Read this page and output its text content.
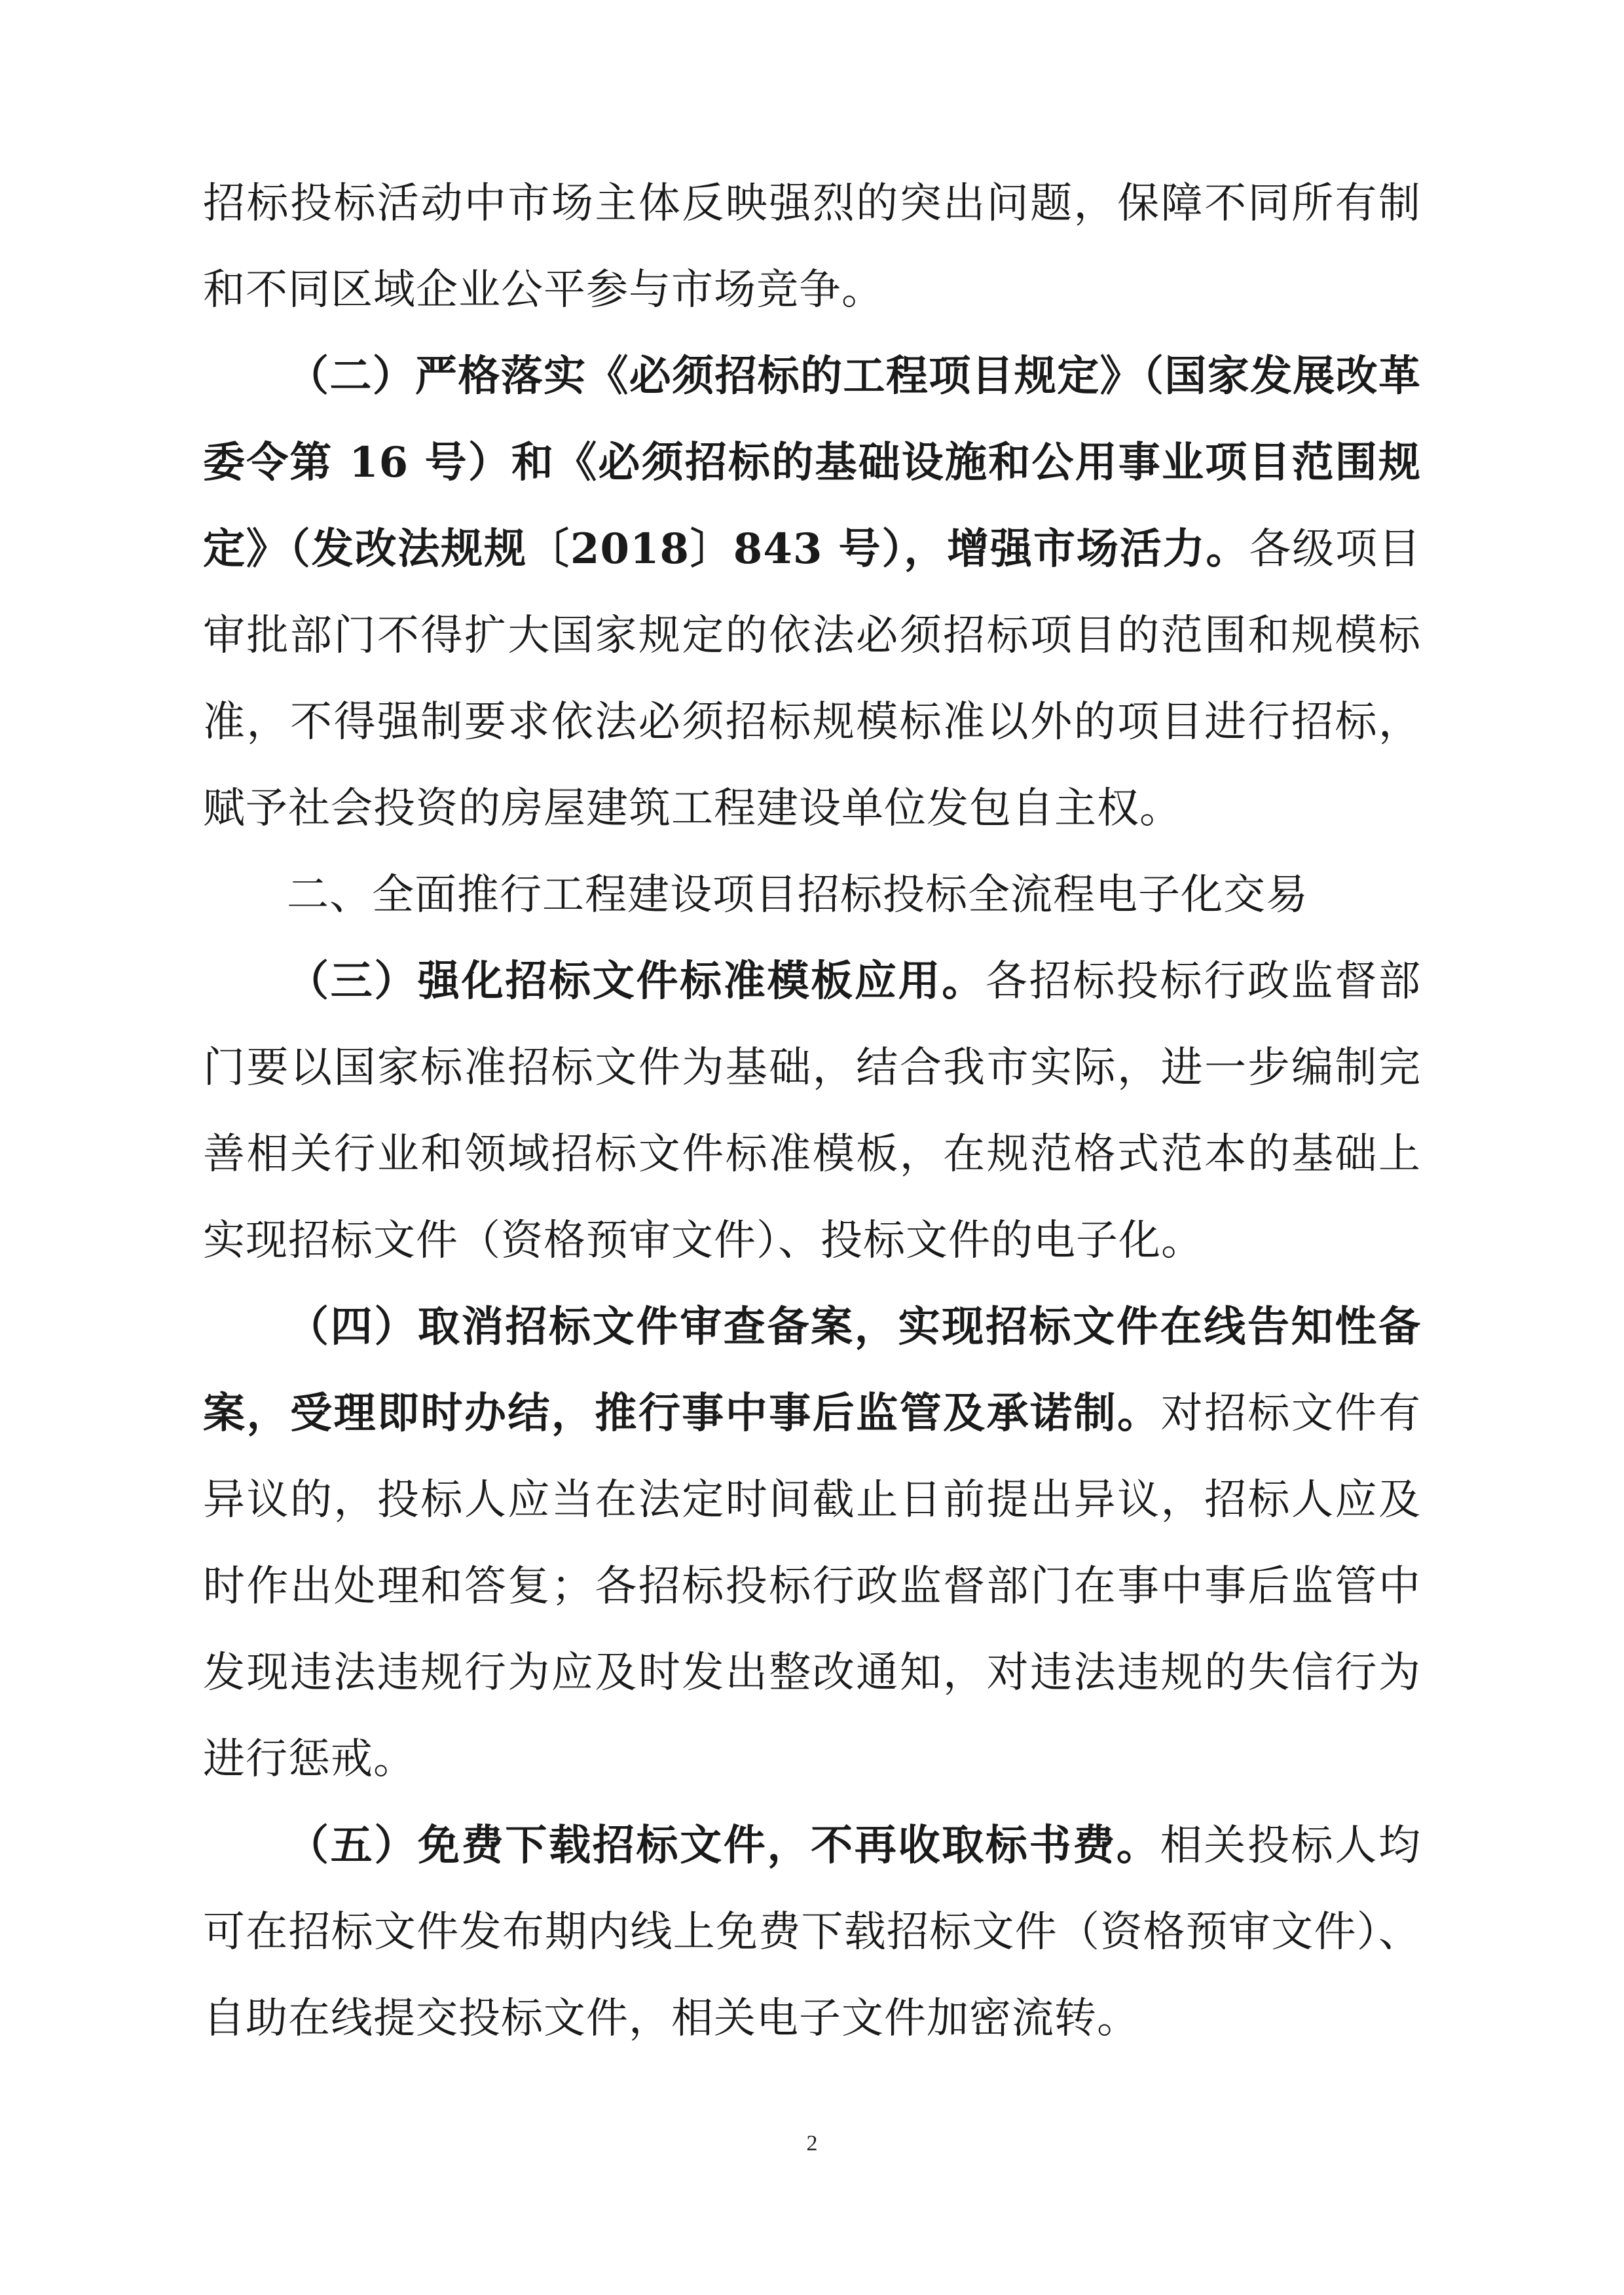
招标投标活动中市场主体反映强烈的突出问题，保障不同所有制和不同区域企业公平参与市场竞争。

（二）严格落实《必须招标的工程项目规定》（国家发展改革委令第 16 号）和《必须招标的基础设施和公用事业项目范围规定》（发改法规规〔2018〕843 号），增强市场活力。各级项目审批部门不得扩大国家规定的依法必须招标项目的范围和规模标准，不得强制要求依法必须招标规模标准以外的项目进行招标，赋予社会投资的房屋建筑工程建设单位发包自主权。

二、全面推行工程建设项目招标投标全流程电子化交易

（三）强化招标文件标准模板应用。各招标投标行政监督部门要以国家标准招标文件为基础，结合我市实际，进一步编制完善相关行业和领域招标文件标准模板，在规范格式范本的基础上实现招标文件（资格预审文件）、投标文件的电子化。

（四）取消招标文件审查备案，实现招标文件在线告知性备案，受理即时办结，推行事中事后监管及承诺制。对招标文件有异议的，投标人应当在法定时间截止日前提出异议，招标人应及时作出处理和答复；各招标投标行政监督部门在事中事后监管中发现违法违规行为应及时发出整改通知，对违法违规的失信行为进行惩戒。

（五）免费下载招标文件，不再收取标书费。相关投标人均可在招标文件发布期内线上免费下载招标文件（资格预审文件）、自助在线提交投标文件，相关电子文件加密流转。

2
